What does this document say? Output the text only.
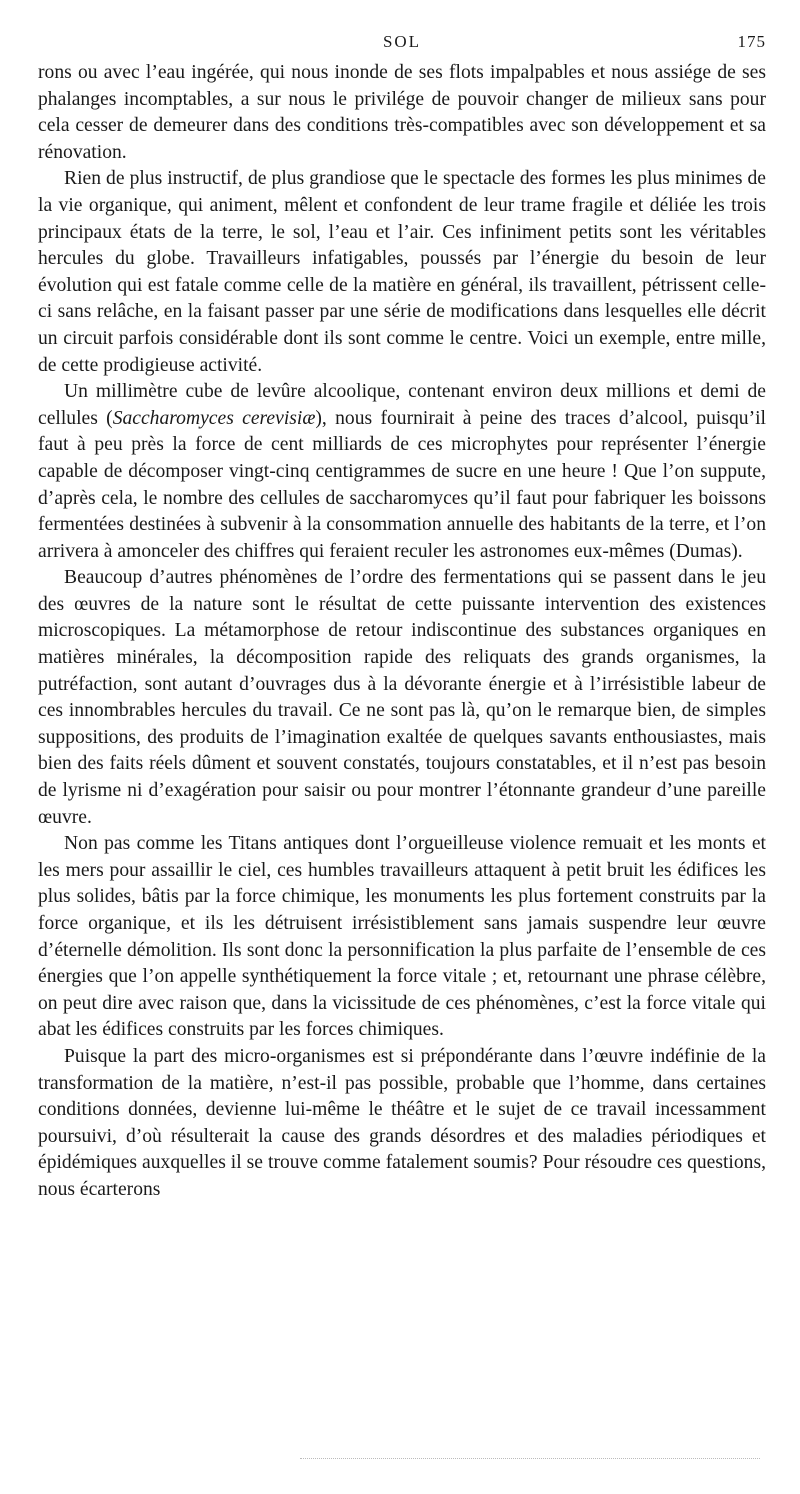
SOL	175

rons ou avec l’eau ingérée, qui nous inonde de ses flots impalpables et nous assiége de ses phalanges incomptables, a sur nous le privilége de pouvoir changer de milieux sans pour cela cesser de demeurer dans des conditions très-compatibles avec son développement et sa rénovation.

Rien de plus instructif, de plus grandiose que le spectacle des formes les plus minimes de la vie organique, qui animent, mêlent et confondent de leur trame fragile et déliée les trois principaux états de la terre, le sol, l’eau et l’air. Ces infiniment petits sont les véritables hercules du globe. Travailleurs infatigables, poussés par l’énergie du besoin de leur évolution qui est fatale comme celle de la matière en général, ils travaillent, pétrissent celle-ci sans relâche, en la faisant passer par une série de modifications dans lesquelles elle décrit un circuit parfois considérable dont ils sont comme le centre. Voici un exemple, entre mille, de cette prodigieuse activité.

Un millimètre cube de levûre alcoolique, contenant environ deux millions et demi de cellules (Saccharomyces cerevisiæ), nous fournirait à peine des traces d’alcool, puisqu’il faut à peu près la force de cent milliards de ces microphytes pour représenter l’énergie capable de décomposer vingt-cinq centigrammes de sucre en une heure ! Que l’on suppute, d’après cela, le nombre des cellules de saccharomyces qu’il faut pour fabriquer les boissons fermentées destinées à subvenir à la consommation annuelle des habitants de la terre, et l’on arrivera à amonceler des chiffres qui feraient reculer les astronomes eux-mêmes (Dumas).

Beaucoup d’autres phénomènes de l’ordre des fermentations qui se passent dans le jeu des œuvres de la nature sont le résultat de cette puissante intervention des existences microscopiques. La métamorphose de retour indiscontinue des substances organiques en matières minérales, la décomposition rapide des reliquats des grands organismes, la putréfaction, sont autant d’ouvrages dus à la dévorante énergie et à l’irrésistible labeur de ces innombrables hercules du travail. Ce ne sont pas là, qu’on le remarque bien, de simples suppositions, des produits de l’imagination exaltée de quelques savants enthousiastes, mais bien des faits réels dûment et souvent constatés, toujours constatables, et il n’est pas besoin de lyrisme ni d’exagération pour saisir ou pour montrer l’étonnante grandeur d’une pareille œuvre.

Non pas comme les Titans antiques dont l’orgueilleuse violence remuait et les monts et les mers pour assaillir le ciel, ces humbles travailleurs attaquent à petit bruit les édifices les plus solides, bâtis par la force chimique, les monuments les plus fortement construits par la force organique, et ils les détruisent irrésistiblement sans jamais suspendre leur œuvre d’éternelle démolition. Ils sont donc la personnification la plus parfaite de l’ensemble de ces énergies que l’on appelle synthétiquement la force vitale ; et, retournant une phrase célèbre, on peut dire avec raison que, dans la vicissitude de ces phénomènes, c’est la force vitale qui abat les édifices construits par les forces chimiques.

Puisque la part des micro-organismes est si prépondérante dans l’œuvre indéfinie de la transformation de la matière, n’est-il pas possible, probable que l’homme, dans certaines conditions données, devienne lui-même le théâtre et le sujet de ce travail incessamment poursuivi, d’où résulterait la cause des grands désordres et des maladies périodiques et épidémiques auxquelles il se trouve comme fatalement soumis? Pour résoudre ces questions, nous écarterons
